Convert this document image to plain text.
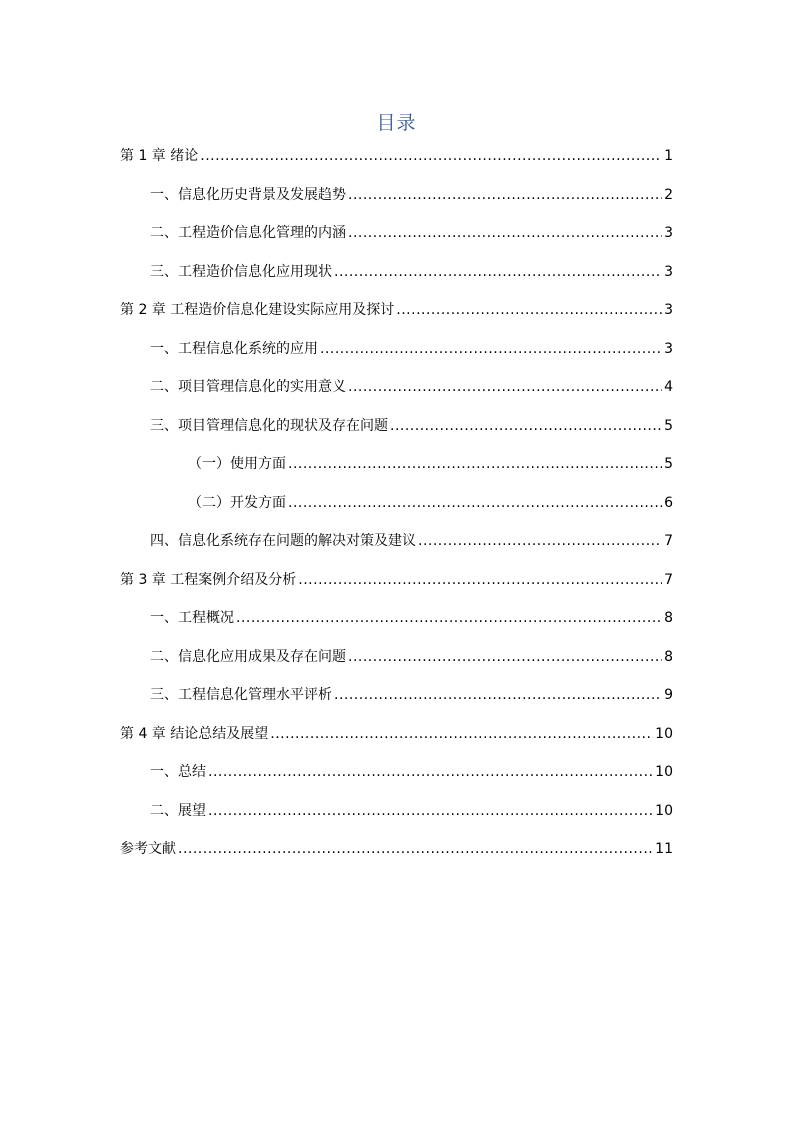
目录
第 1 章 绪论 .....	1
一、信息化历史背景及发展趋势 .....	2
二、工程造价信息化管理的内涵 .....	3
三、工程造价信息化应用现状 .....	3
第 2 章 工程造价信息化建设实际应用及探讨 .....	3
一、工程信息化系统的应用 .....	3
二、项目管理信息化的实用意义 .....	4
三、项目管理信息化的现状及存在问题 .....	5
（一）使用方面 .....	5
（二）开发方面 .....	6
四、信息化系统存在问题的解决对策及建议 .....	7
第 3 章 工程案例介绍及分析 .....	7
一、工程概况 .....	8
二、信息化应用成果及存在问题 .....	8
三、工程信息化管理水平评析 .....	9
第 4 章 结论总结及展望 .....	10
一、总结 .....	10
二、展望 .....	10
参考文献 .....	11
